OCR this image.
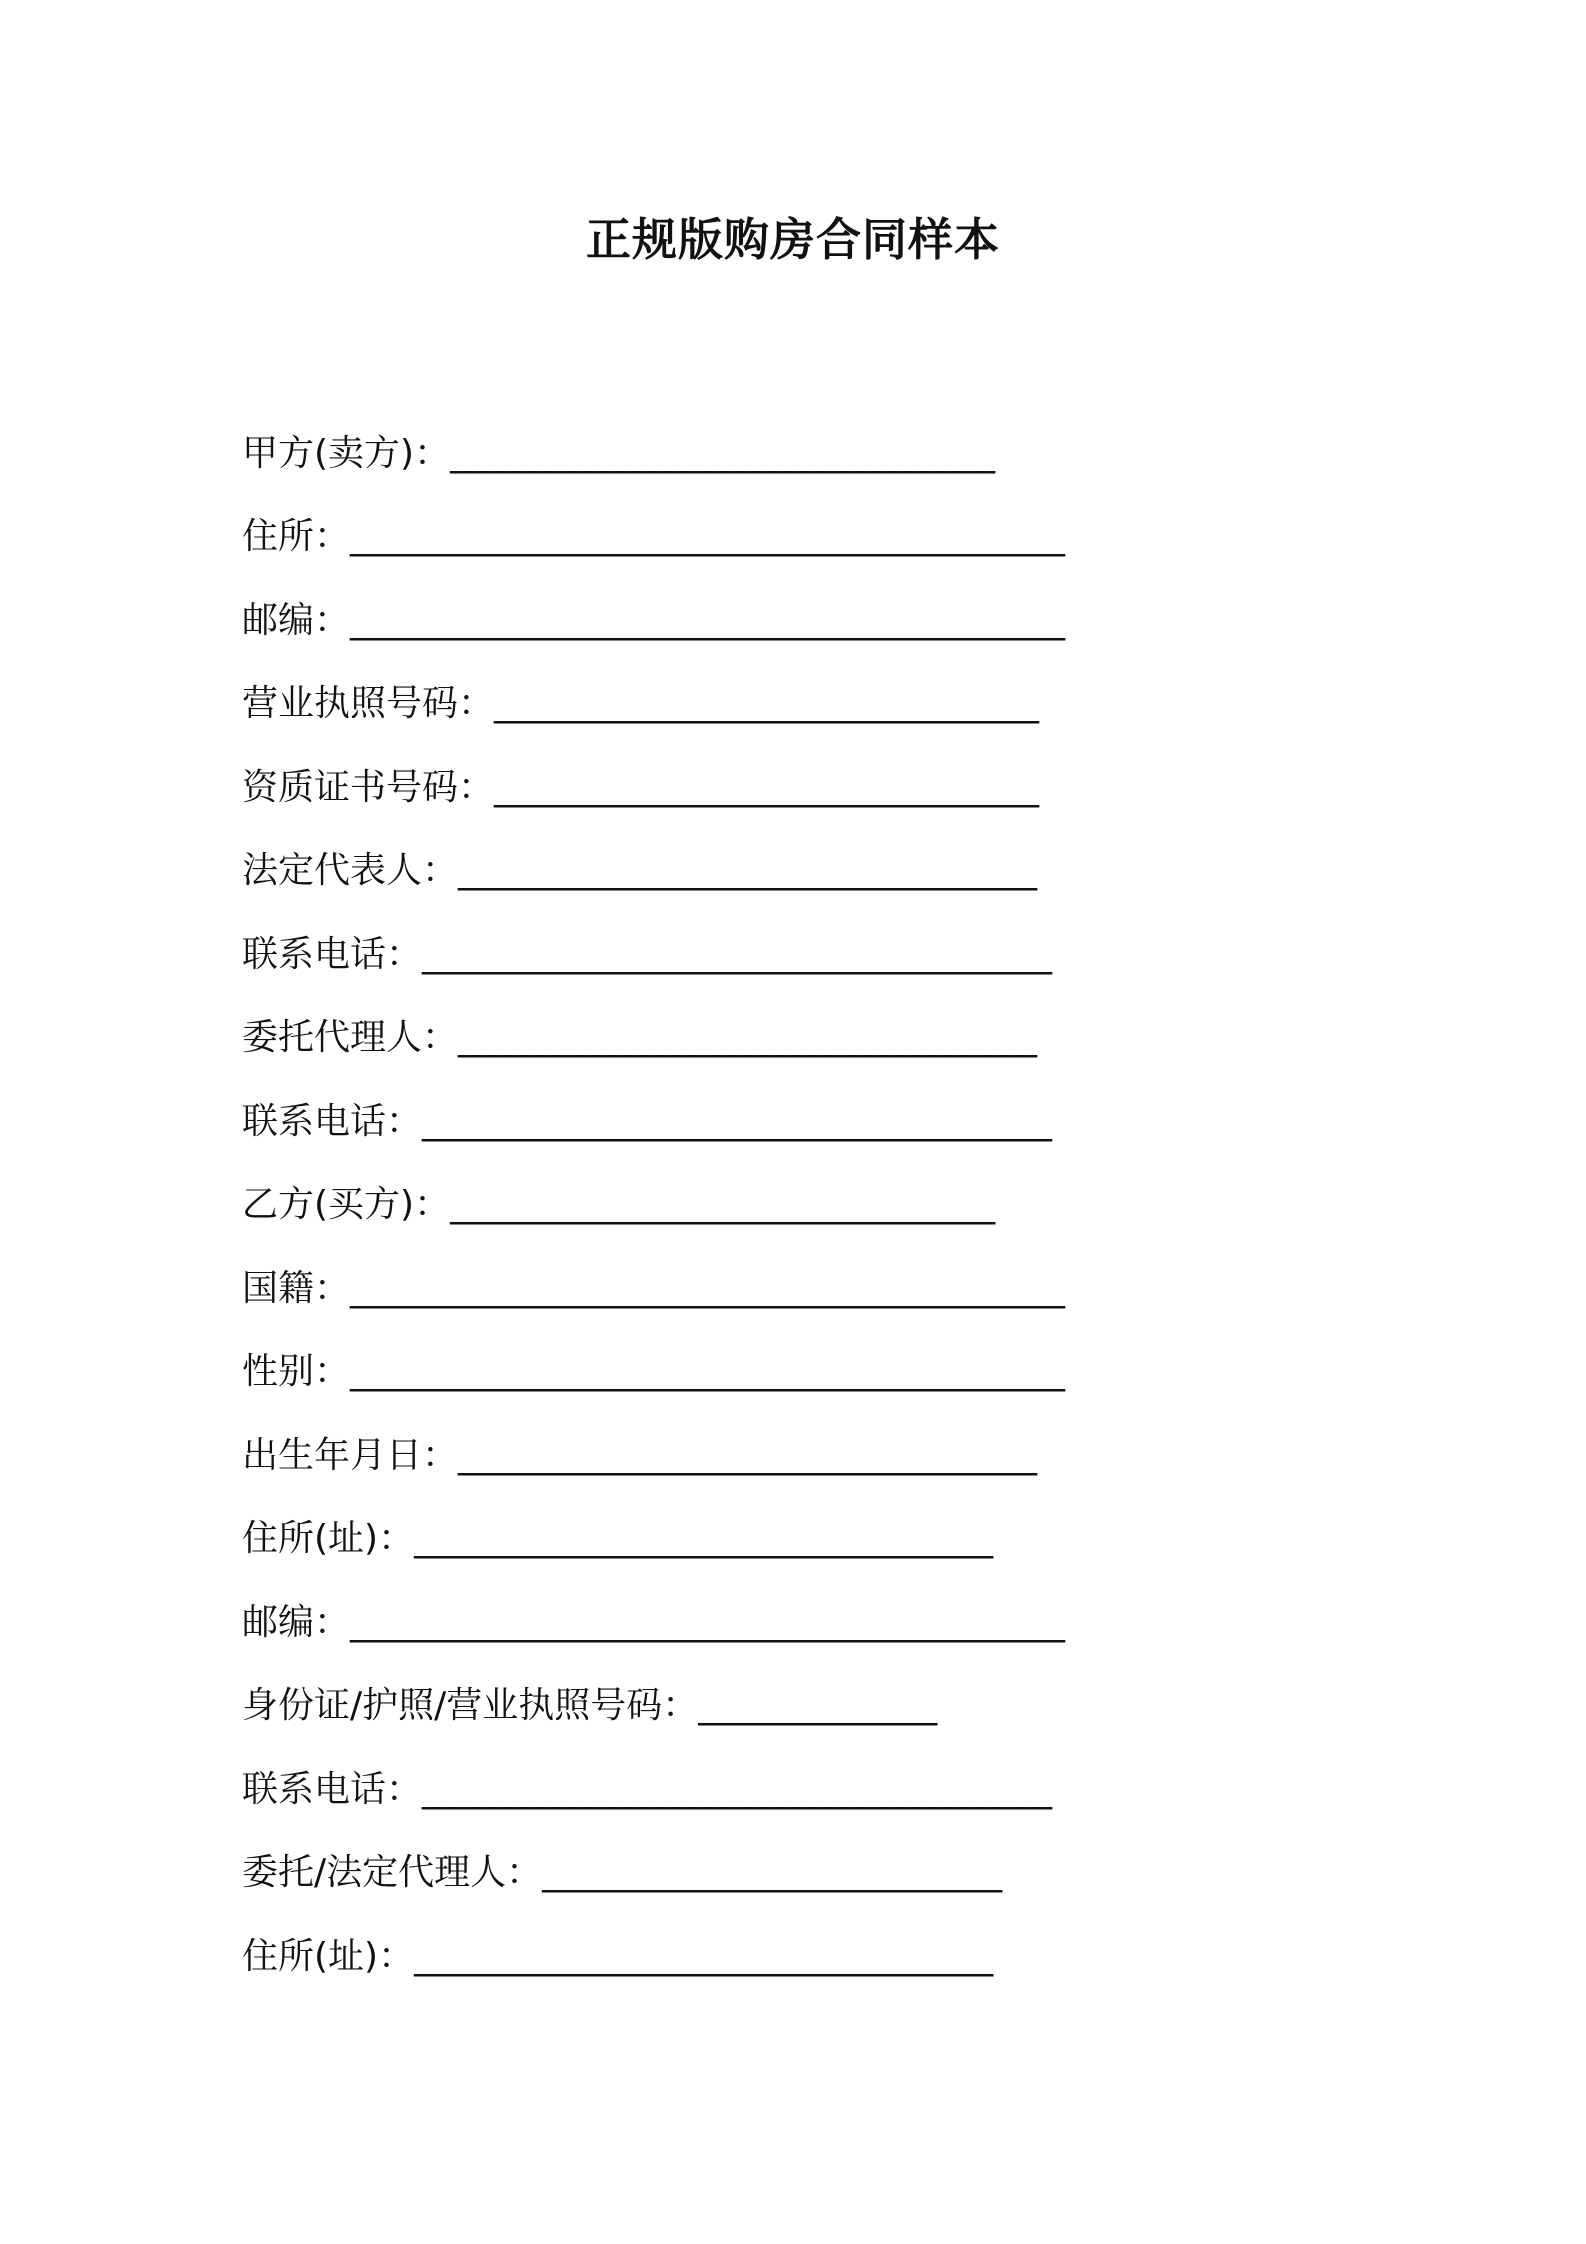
正规版购房合同样本
甲方(卖方)： ________________________________
住所： __________________________________________
邮编： __________________________________________
营业执照号码： ________________________________
资质证书号码： ________________________________
法定代表人： __________________________________
联系电话： _____________________________________
委托代理人： __________________________________
联系电话： _____________________________________
乙方(买方)： ________________________________
国籍： __________________________________________
性别： __________________________________________
出生年月日： __________________________________
住所(址)： __________________________________
邮编： __________________________________________
身份证/护照/营业执照号码： ______________
联系电话： _____________________________________
委托/法定代理人： ___________________________
住所(址)： __________________________________
